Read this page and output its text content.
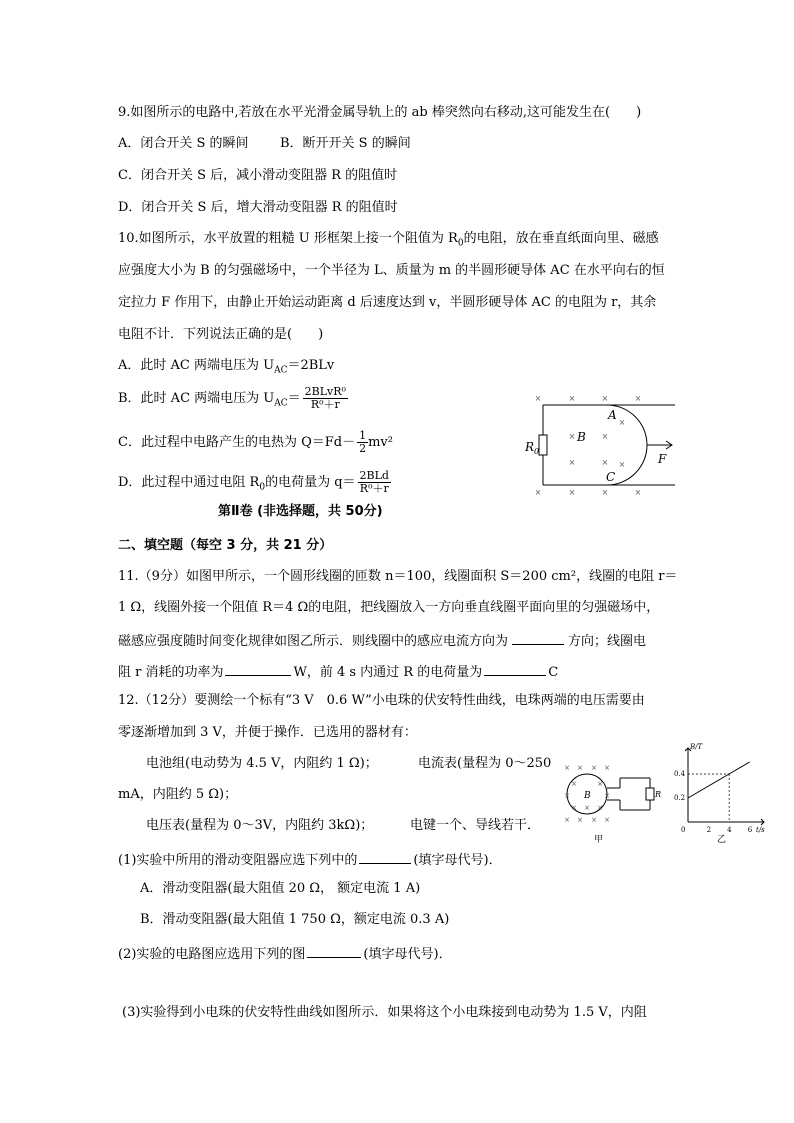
9.如图所示的电路中,若放在水平光滑金属导轨上的 ab 棒突然向右移动,这可能发生在(　　)
A．闭合开关 S 的瞬间 B．断开开关 S 的瞬间
C．闭合开关 S 后，减小滑动变阻器 R 的阻值时
D．闭合开关 S 后，增大滑动变阻器 R 的阻值时
10.如图所示，水平放置的粗糙 U 形框架上接一个阻值为 $R_0$的电阻，放在垂直纸面向里、磁感
应强度大小为 B 的匀强磁场中，一个半径为 L、质量为 m 的半圆形硬导体 AC 在水平向右的恒
定拉力 F 作用下，由静止开始运动距离 d 后速度达到 v，半圆形硬导体 AC 的电阻为 r，其余
电阻不计．下列说法正确的是(　　)
A．此时 AC 两端电压为 $U_{AC}=2BLv$
B．此时 AC 两端电压为 $U_{AC}= \frac{\text{2BLvR⁰}}{\text{R⁰＋r}}$
C．此过程中电路产生的电热为 $Q=Fd- \frac{1}{2} mv^2$
D．此过程中通过电阻 $R_0$的电荷量为 $q= \frac{\text{2BLd}}{\text{R⁰＋r}}$
×	×	×	×
×	×
×	×
×
×
×	×	×	×
$R_0$
B
A
C
F
第Ⅱ卷 (非选择题，共 50分)
二、填空题（每空 3 分，共 21 分）
11.（9分）如图甲所示，一个圆形线圈的匝数 n＝100，线圈面积 S＝200 cm²，线圈的电阻 r＝
1 Ω，线圈外接一个阻值 R＝4 Ω的电阻，把线圈放入一方向垂直线圈平面向里的匀强磁场中，
磁感应强度随时间变化规律如图乙所示．则线圈中的感应电流方向为	方向；线圈电
阻 r 消耗的功率为	W，前 4 s 内通过 R 的电荷量为	C
12.（12分）要测绘一个标有“3 V　0.6 W”小电珠的伏安特性曲线，电珠两端的电压需要由
零逐渐增加到 3 V，并便于操作．已选用的器材有：
电池组(电动势为 4.5 V，内阻约 1 Ω)；	电流表(量程为 0～250
mA，内阻约 5 Ω)；
电压表(量程为 0～3V，内阻约 3kΩ)；	电键一个、导线若干．
(1)实验中所用的滑动变阻器应选下列中的	(填字母代号)．
A．滑动变阻器(最大阻值 20 Ω， 额定电流 1 A)
B．滑动变阻器(最大阻值 1 750 Ω，额定电流 0.3 A)
(2)实验的电路图应选用下列的图	(填字母代号)．
(3)实验得到小电珠的伏安特性曲线如图所示．如果将这个小电珠接到电动势为 1.5 V，内阻
× × × ×
×	×
×	×
× × ×
× × × ×
B	R
甲
B/T
t/s
0.2
0.4
0	2 4 6
乙
